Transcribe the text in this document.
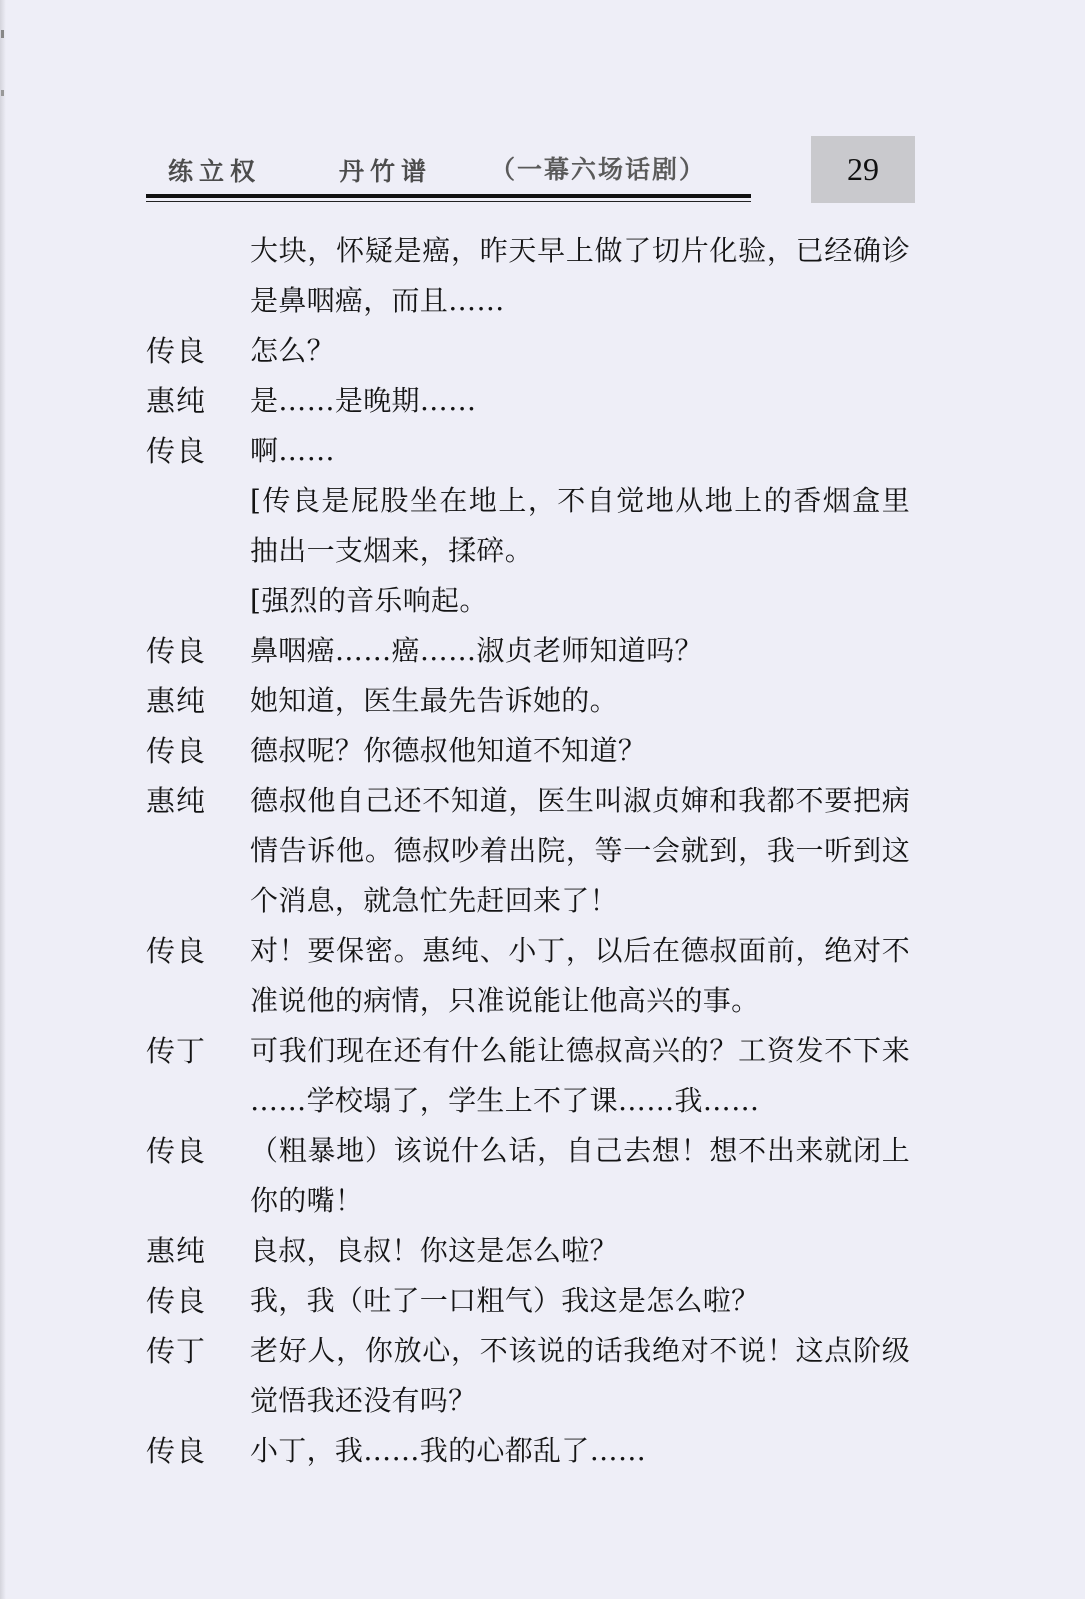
练立权	丹竹谱 （一幕六场话剧）	29
大块，怀疑是癌，昨天早上做了切片化验，已经确诊是鼻咽癌，而且……
传良	怎么？
惠纯	是……是晚期……
传良	啊……
[传良是屁股坐在地上，不自觉地从地上的香烟盒里抽出一支烟来，揉碎。
[强烈的音乐响起。
传良	鼻咽癌……癌……淑贞老师知道吗？
惠纯	她知道，医生最先告诉她的。
传良	德叔呢？你德叔他知道不知道？
惠纯	德叔他自己还不知道，医生叫淑贞婶和我都不要把病情告诉他。德叔吵着出院，等一会就到，我一听到这个消息，就急忙先赶回来了！
传良	对！要保密。惠纯、小丁，以后在德叔面前，绝对不准说他的病情，只准说能让他高兴的事。
传丁	可我们现在还有什么能让德叔高兴的？工资发不下来 ……学校塌了，学生上不了课……我……
传良	（粗暴地）该说什么话，自己去想！想不出来就闭上你的嘴！
惠纯	良叔，良叔！你这是怎么啦？
传良	我，我（吐了一口粗气）我这是怎么啦？
传丁	老好人，你放心，不该说的话我绝对不说！这点阶级觉悟我还没有吗？
传良	小丁，我……我的心都乱了……
